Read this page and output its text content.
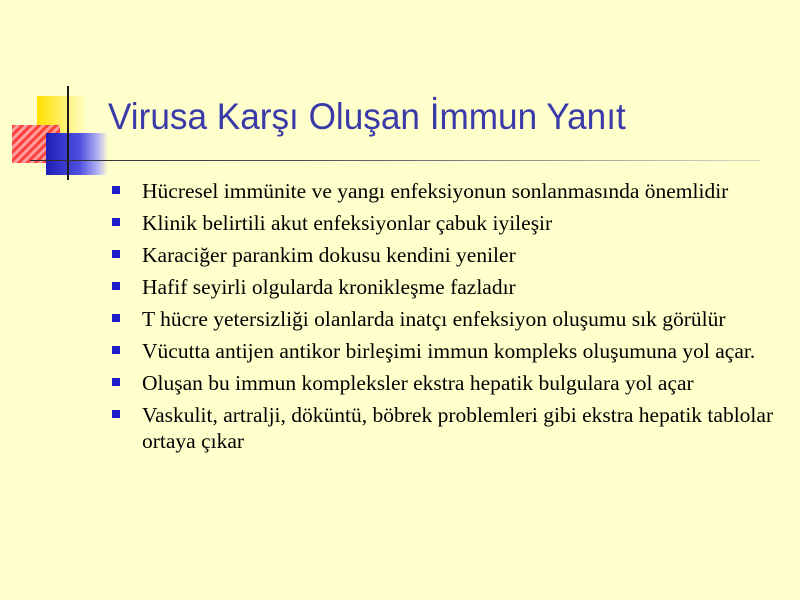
Virusa Karşı Oluşan İmmun Yanıt
Hücresel immünite ve yangı enfeksiyonun sonlanmasında önemlidir
Klinik belirtili akut enfeksiyonlar çabuk iyileşir
Karaciğer parankim dokusu kendini yeniler
Hafif seyirli olgularda kronikleşme fazladır
T hücre yetersizliği olanlarda inatçı enfeksiyon oluşumu sık görülür
Vücutta antijen antikor birleşimi immun kompleks oluşumuna yol açar.
Oluşan bu immun kompleksler ekstra hepatik bulgulara yol açar
Vaskulit, artralji, döküntü, böbrek problemleri gibi ekstra hepatik tablolar ortaya çıkar
